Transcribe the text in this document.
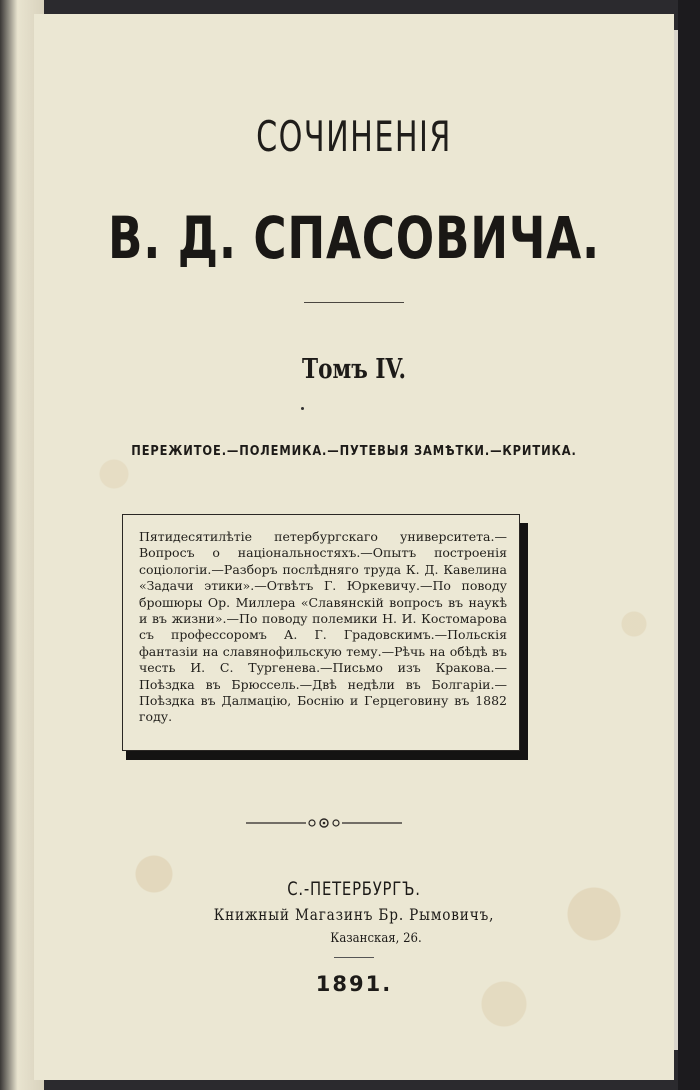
СОЧИНЕНІЯ
В. Д. СПАСОВИЧА.
Томъ IV.
ПЕРЕЖИТОЕ.—ПОЛЕМИКА.—ПУТЕВЫЯ ЗАМѢТКИ.—КРИТИКА.
Пятидесятилѣтіе петербургскаго университета.—Вопросъ о національностяхъ.—Опытъ построенія соціологіи.—Разборъ послѣдняго труда К. Д. Кавелина «Задачи этики».—Отвѣтъ Г. Юркевичу.—По поводу брошюры Ор. Миллера «Славянскій вопросъ въ наукѣ и въ жизни».—По поводу полемики Н. И. Костомарова съ профессоромъ А. Г. Градовскимъ.—Польскія фантазіи на славянофильскую тему.—Рѣчь на обѣдѣ въ честь И. С. Тургенева.—Письмо изъ Кракова.—Поѣздка въ Брюссель.—Двѣ недѣли въ Болгаріи.—Поѣздка въ Далмацію, Боснію и Герцеговину въ 1882 году.
С.-ПЕТЕРБУРГЪ.
Книжный Магазинъ Бр. Рымовичъ,
Казанская, 26.
1891.
